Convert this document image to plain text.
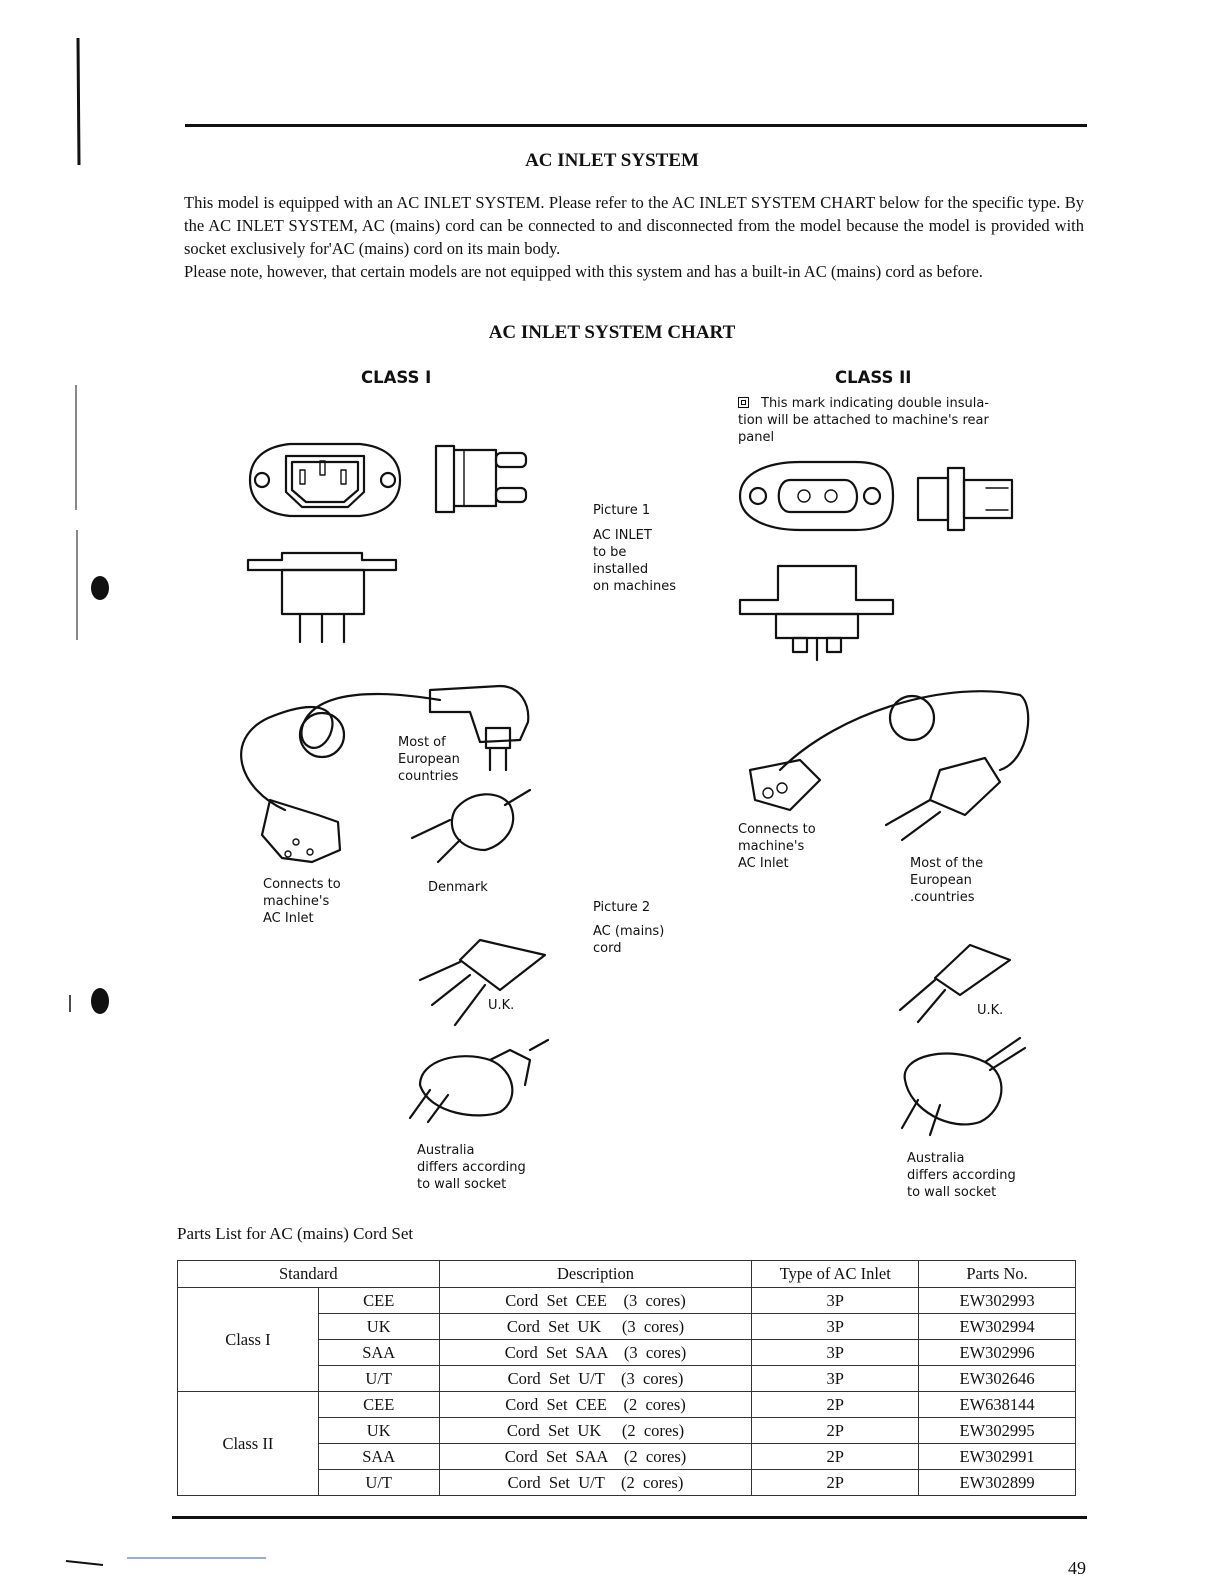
AC INLET SYSTEM

This model is equipped with an AC INLET SYSTEM. Please refer to the AC INLET SYSTEM CHART below for the specific type. By the AC INLET SYSTEM, AC (mains) cord can be connected to and disconnected from the model because the model is provided with socket exclusively for'AC (mains) cord on its main body.

Please note, however, that certain models are not equipped with this system and has a built-in AC (mains) cord as before.

AC INLET SYSTEM CHART
CLASS I	CLASS II
This mark indicating double insula-
tion will be attached to machine's rear
panel
Picture 1
AC INLET
to be
installed
on machines
Most of
European
countries
Connects to
machine's
AC Inlet
Denmark
U.K.
Australia
differs according
to wall socket
Picture 2
AC (mains)
cord
Connects to
machine's
AC Inlet	Most of the
European
.countries
U.K.
Australia
differs according
to wall socket
Parts List for AC (mains) Cord Set
Standard		Description	Type of AC Inlet	Parts No.
Class I	CEE	Cord  Set  CEE    (3  cores)	3P	EW302993
	UK	Cord  Set  UK     (3  cores)	3P	EW302994
	SAA	Cord  Set  SAA    (3  cores)	3P	EW302996
	U/T	Cord  Set  U/T    (3  cores)	3P	EW302646
Class II	CEE	Cord  Set  CEE    (2  cores)	2P	EW638144
	UK	Cord  Set  UK     (2  cores)	2P	EW302995
	SAA	Cord  Set  SAA    (2  cores)	2P	EW302991
	U/T	Cord  Set  U/T    (2  cores)	2P	EW302899
49
